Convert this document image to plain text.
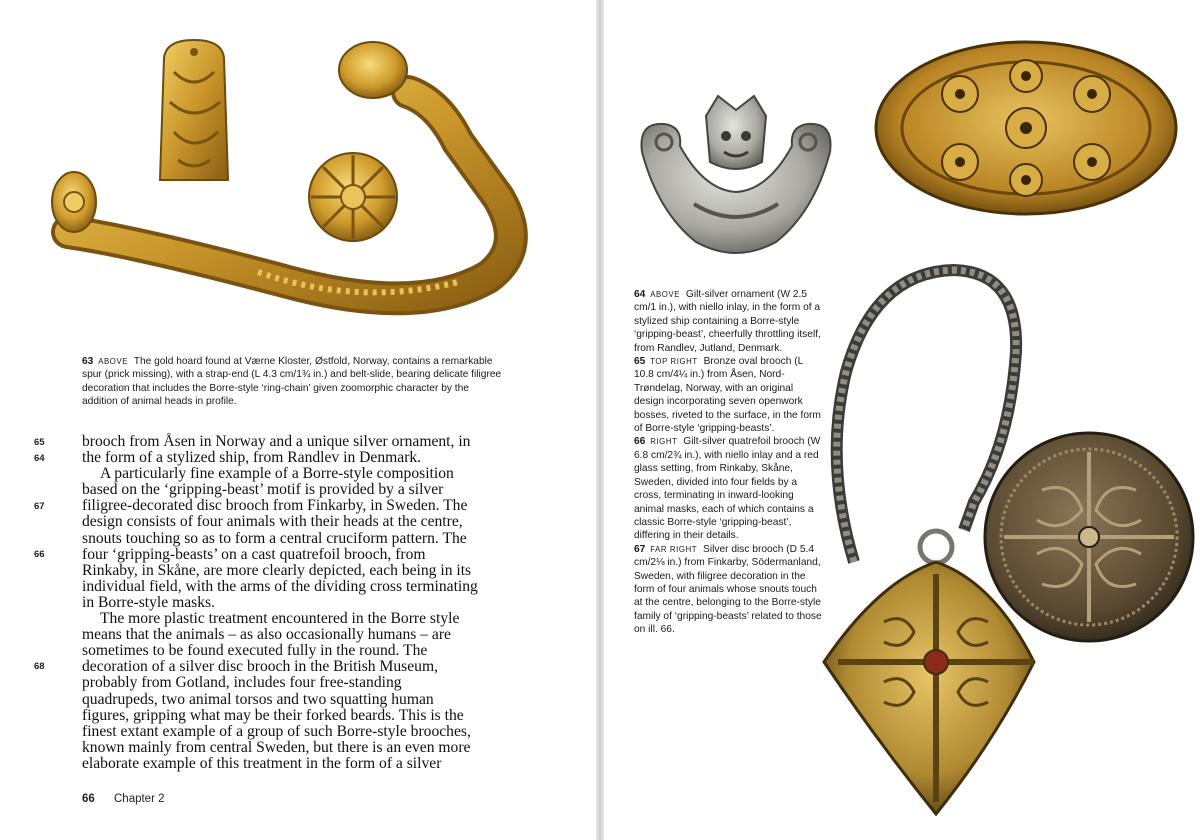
63 ABOVE The gold hoard found at Værne Kloster, Østfold, Norway, contains a remarkable spur (prick missing), with a strap-end (L 4.3 cm/1¾ in.) and belt-slide, bearing delicate filigree decoration that includes the Borre-style ‘ring-chain’ given zoomorphic character by the addition of animal heads in profile.
65
64
67
66
68

brooch from Åsen in Norway and a unique silver ornament, in the form of a stylized ship, from Randlev in Denmark.

A particularly fine example of a Borre-style composition based on the ‘gripping-beast’ motif is provided by a silver filigree-decorated disc brooch from Finkarby, in Sweden. The design consists of four animals with their heads at the centre, snouts touching so as to form a central cruciform pattern. The four ‘gripping-beasts’ on a cast quatrefoil brooch, from Rinkaby, in Skåne, are more clearly depicted, each being in its individual field, with the arms of the dividing cross terminating in Borre-style masks.

The more plastic treatment encountered in the Borre style means that the animals – as also occasionally humans – are sometimes to be found executed fully in the round. The decoration of a silver disc brooch in the British Museum, probably from Gotland, includes four free-standing quadrupeds, two animal torsos and two squatting human figures, gripping what may be their forked beards. This is the finest extant example of a group of such Borre-style brooches, known mainly from central Sweden, but there is an even more elaborate example of this treatment in the form of a silver

66 Chapter 2
64 ABOVE Gilt-silver ornament (W 2.5 cm/1 in.), with niello inlay, in the form of a stylized ship containing a Borre-style ‘gripping-beast’, cheerfully throttling itself, from Randlev, Jutland, Denmark.
65 TOP RIGHT Bronze oval brooch (L 10.8 cm/4¼ in.) from Åsen, Nord-Trøndelag, Norway, with an original design incorporating seven openwork bosses, riveted to the surface, in the form of Borre-style ‘gripping-beasts’.
66 RIGHT Gilt-silver quatrefoil brooch (W 6.8 cm/2¾ in.), with niello inlay and a red glass setting, from Rinkaby, Skåne, Sweden, divided into four fields by a cross, terminating in inward-looking animal masks, each of which contains a classic Borre-style ‘gripping-beast’, differing in their details.
67 FAR RIGHT Silver disc brooch (D 5.4 cm/2⅛ in.) from Finkarby, Södermanland, Sweden, with filigree decoration in the form of four animals whose snouts touch at the centre, belonging to the Borre-style family of ‘gripping-beasts’ related to those on ill. 66.
